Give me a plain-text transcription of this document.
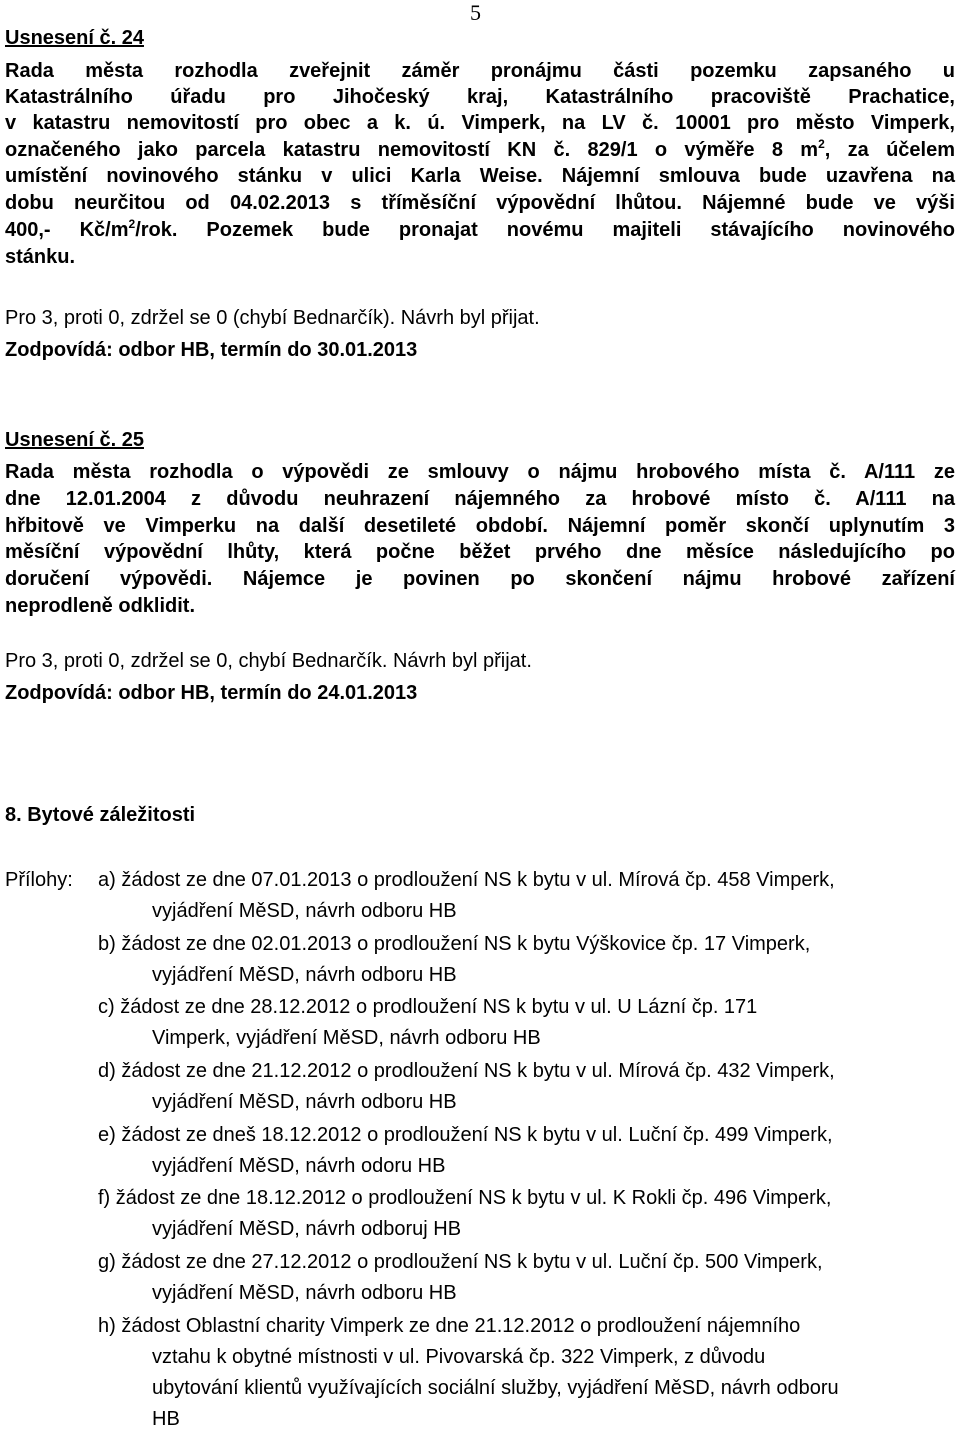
5
Usnesení č. 24
Rada města rozhodla zveřejnit záměr pronájmu části pozemku zapsaného u
Katastrálního úřadu pro Jihočeský kraj, Katastrálního pracoviště Prachatice,
v katastru nemovitostí pro obec a k. ú. Vimperk, na LV č. 10001 pro město Vimperk,
označeného jako parcela katastru nemovitostí KN č. 829/1 o výměře 8 $m^2$, za účelem
umístění novinového stánku v ulici Karla Weise. Nájemní smlouva bude uzavřena na
dobu neurčitou od 04.02.2013 s tříměsíční výpovědní lhůtou. Nájemné bude ve výši
400,- $Kč/m^2$/rok. Pozemek bude pronajat novému majiteli stávajícího novinového
stánku.
Pro 3, proti 0, zdržel se 0 (chybí Bednarčík). Návrh byl přijat.
Zodpovídá: odbor HB, termín do 30.01.2013
Usnesení č. 25
Rada města rozhodla o výpovědi ze smlouvy o nájmu hrobového místa č. A/111 ze
dne 12.01.2004 z důvodu neuhrazení nájemného za hrobové místo č. A/111 na
hřbitově ve Vimperku na další desetileté období. Nájemní poměr skončí uplynutím 3
měsíční výpovědní lhůty, která počne běžet prvého dne měsíce následujícího po
doručení výpovědi. Nájemce je povinen po skončení nájmu hrobové zařízení
neprodleně odklidit.
Pro 3, proti 0, zdržel se 0, chybí Bednarčík. Návrh byl přijat.
Zodpovídá: odbor HB, termín do 24.01.2013
8. Bytové záležitosti
Přílohy: a) žádost ze dne 07.01.2013 o prodloužení NS k bytu v ul. Mírová čp. 458 Vimperk,
vyjádření MěSD, návrh odboru HB
b) žádost ze dne 02.01.2013 o prodloužení NS k bytu Výškovice čp. 17 Vimperk,
vyjádření MěSD, návrh odboru HB
c) žádost ze dne 28.12.2012 o prodloužení NS k bytu v ul. U Lázní čp. 171
Vimperk, vyjádření MěSD, návrh odboru HB
d) žádost ze dne 21.12.2012 o prodloužení NS k bytu v ul. Mírová čp. 432 Vimperk,
vyjádření MěSD, návrh odboru HB
e) žádost ze dneš 18.12.2012 o prodloužení NS k bytu v ul. Luční čp. 499 Vimperk,
vyjádření MěSD, návrh odoru HB
f) žádost ze dne 18.12.2012 o prodloužení NS k bytu v ul. K Rokli čp. 496 Vimperk,
vyjádření MěSD, návrh odboruj HB
g) žádost ze dne 27.12.2012 o prodloužení NS k bytu v ul. Luční čp. 500 Vimperk,
vyjádření MěSD, návrh odboru HB
h) žádost Oblastní charity Vimperk ze dne 21.12.2012 o prodloužení nájemního
vztahu k obytné místnosti v ul. Pivovarská čp. 322 Vimperk, z důvodu
ubytování klientů využívajících sociální služby, vyjádření MěSD, návrh odboru
HB
